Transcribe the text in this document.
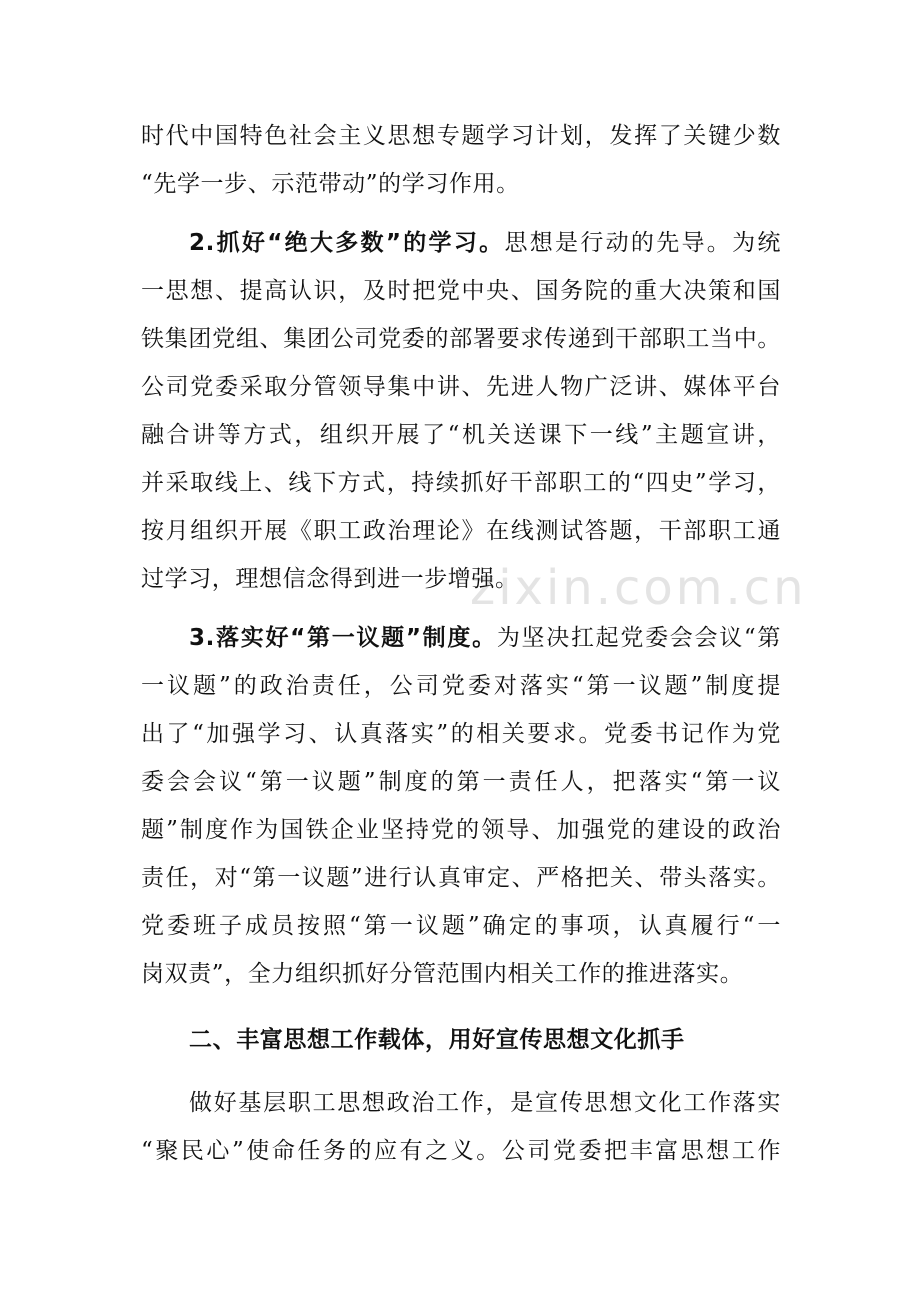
zixin.com.cn
时代中国特色社会主义思想专题学习计划，发挥了关键少数
“先学一步、示范带动”的学习作用。
2.抓好“绝大多数”的学习。思想是行动的先导。为统
一思想、提高认识，及时把党中央、国务院的重大决策和国
铁集团党组、集团公司党委的部署要求传递到干部职工当中。
公司党委采取分管领导集中讲、先进人物广泛讲、媒体平台
融合讲等方式，组织开展了“机关送课下一线”主题宣讲，
并采取线上、线下方式，持续抓好干部职工的“四史”学习，
按月组织开展《职工政治理论》在线测试答题，干部职工通
过学习，理想信念得到进一步增强。
3.落实好“第一议题”制度。为坚决扛起党委会会议“第
一议题”的政治责任，公司党委对落实“第一议题”制度提
出了“加强学习、认真落实”的相关要求。党委书记作为党
委会会议“第一议题”制度的第一责任人，把落实“第一议
题”制度作为国铁企业坚持党的领导、加强党的建设的政治
责任，对“第一议题”进行认真审定、严格把关、带头落实。
党委班子成员按照“第一议题”确定的事项，认真履行“一
岗双责”，全力组织抓好分管范围内相关工作的推进落实。
二、丰富思想工作载体，用好宣传思想文化抓手
做好基层职工思想政治工作，是宣传思想文化工作落实
“聚民心”使命任务的应有之义。公司党委把丰富思想工作
